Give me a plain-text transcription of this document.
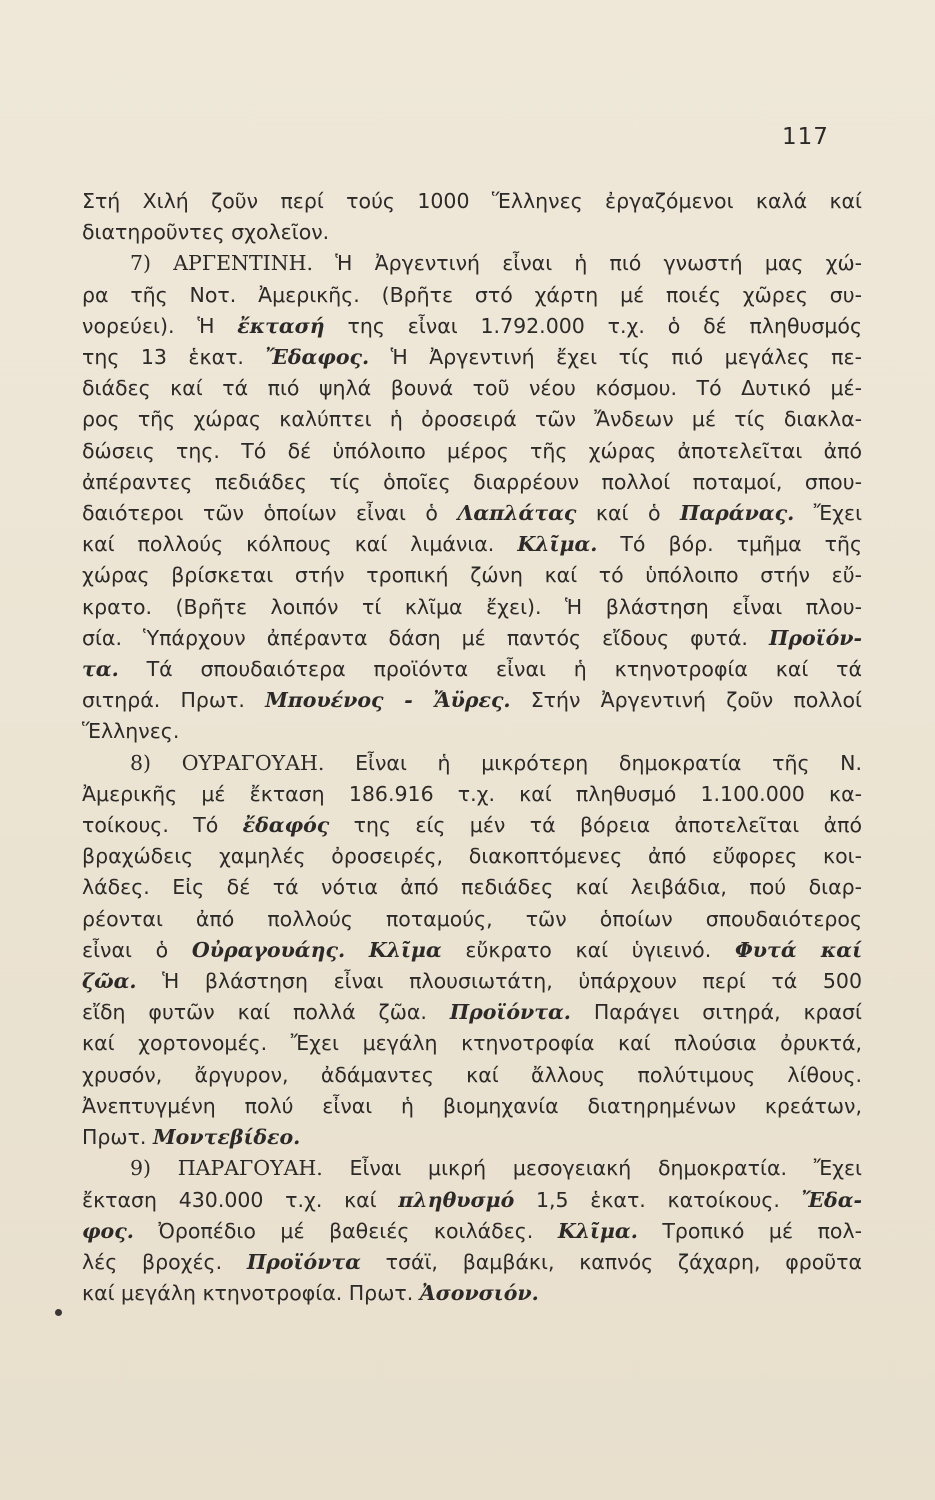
117
Στή Χιλή ζοῦν περί τούς 1000 Ἕλληνες ἐργαζόμενοι καλά καί
διατηροῦντες σχολεῖον.
7) ΑΡΓΕΝΤΙΝΗ. Ἡ Ἀργεντινή εἶναι ἡ πιό γνωστή μας χώ-
ρα τῆς Νοτ. Ἀμερικῆς. (Βρῆτε στό χάρτη μέ ποιές χῶρες συ-
νορεύει). Ἡ ἔκτασή της εἶναι 1.792.000 τ.χ. ὁ δέ πληθυσμός
της 13 ἑκατ. Ἔδαφος. Ἡ Ἀργεντινή ἔχει τίς πιό μεγάλες πε-
διάδες καί τά πιό ψηλά βουνά τοῦ νέου κόσμου. Τό Δυτικό μέ-
ρος τῆς χώρας καλύπτει ἡ ὀροσειρά τῶν Ἄνδεων μέ τίς διακλα-
δώσεις της. Τό δέ ὑπόλοιπο μέρος τῆς χώρας ἀποτελεῖται ἀπό
ἀπέραντες πεδιάδες τίς ὁποῖες διαρρέουν πολλοί ποταμοί, σπου-
δαιότεροι τῶν ὁποίων εἶναι ὁ Λαπλάτας καί ὁ Παράνας. Ἔχει
καί πολλούς κόλπους καί λιμάνια. Κλῖμα. Τό βόρ. τμῆμα τῆς
χώρας βρίσκεται στήν τροπική ζώνη καί τό ὑπόλοιπο στήν εὔ-
κρατο. (Βρῆτε λοιπόν τί κλῖμα ἔχει). Ἡ βλάστηση εἶναι πλου-
σία. Ὑπάρχουν ἀπέραντα δάση μέ παντός εἴδους φυτά. Προϊόν-
τα. Τά σπουδαιότερα προϊόντα εἶναι ἡ κτηνοτροφία καί τά
σιτηρά. Πρωτ. Μπουένος - Ἄϋρες. Στήν Ἀργεντινή ζοῦν πολλοί
Ἕλληνες.
8) ΟΥΡΑΓΟΥΑΗ. Εἶναι ἡ μικρότερη δημοκρατία τῆς Ν.
Ἀμερικῆς μέ ἔκταση 186.916 τ.χ. καί πληθυσμό 1.100.000 κα-
τοίκους. Τό ἔδαφός της είς μέν τά βόρεια ἀποτελεῖται ἀπό
βραχώδεις χαμηλές ὀροσειρές, διακοπτόμενες ἀπό εὔφορες κοι-
λάδες. Εἰς δέ τά νότια ἀπό πεδιάδες καί λειβάδια, πού διαρ-
ρέονται ἀπό πολλούς ποταμούς, τῶν ὁποίων σπουδαιότερος
εἶναι ὁ Οὐραγουάης. Κλῖμα εὔκρατο καί ὑγιεινό. Φυτά καί
ζῶα. Ἡ βλάστηση εἶναι πλουσιωτάτη, ὑπάρχουν περί τά 500
εἴδη φυτῶν καί πολλά ζῶα. Προϊόντα. Παράγει σιτηρά, κρασί
καί χορτονομές. Ἔχει μεγάλη κτηνοτροφία καί πλούσια ὀρυκτά,
χρυσόν, ἄργυρον, ἀδάμαντες καί ἄλλους πολύτιμους λίθους.
Ἀνεπτυγμένη πολύ εἶναι ἡ βιομηχανία διατηρημένων κρεάτων,
Πρωτ. Μοντεβίδεο.
9) ΠΑΡΑΓΟΥΑΗ. Εἶναι μικρή μεσογειακή δημοκρατία. Ἔχει
ἔκταση 430.000 τ.χ. καί πληθυσμό 1,5 ἑκατ. κατοίκους. Ἔδα-
φος. Ὀροπέδιο μέ βαθειές κοιλάδες. Κλῖμα. Τροπικό μέ πολ-
λές βροχές. Προϊόντα τσάϊ, βαμβάκι, καπνός ζάχαρη, φροῦτα
καί μεγάλη κτηνοτροφία. Πρωτ. Ἀσονσιόν.
